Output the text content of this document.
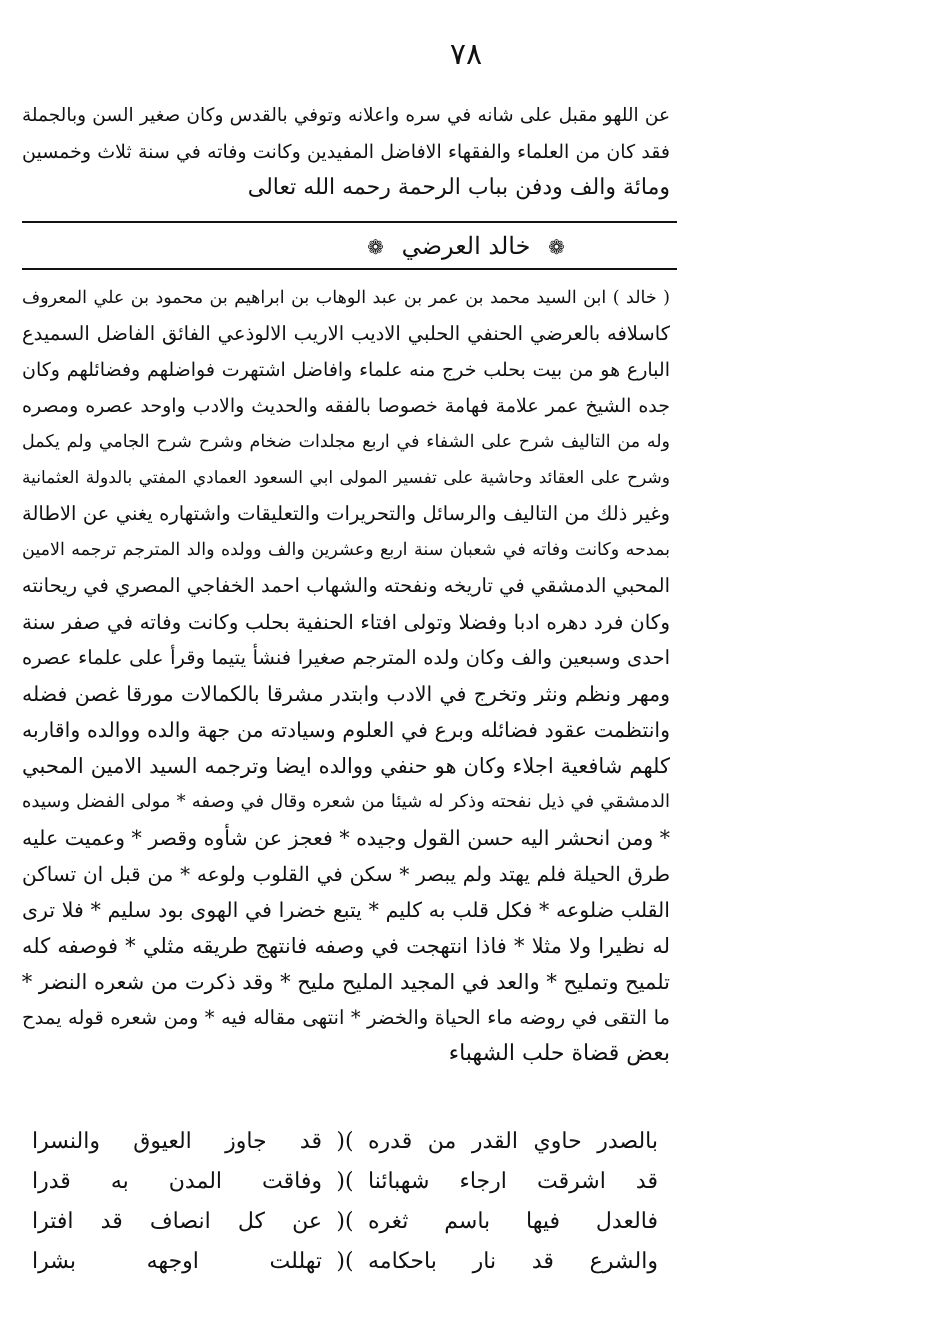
٧٨
عن اللهو مقبل على شانه في سره واعلانه وتوفي بالقدس وكان صغير السن وبالجملة
فقد كان من العلماء والفقهاء الافاضل المفيدين وكانت وفاته في سنة ثلاث وخمسين
ومائة والف ودفن بباب الرحمة رحمه الله تعالى
❁ خالد العرضي ❁
( خالد ) ابن السيد محمد بن عمر بن عبد الوهاب بن ابراهيم بن محمود بن علي المعروف
كاسلافه بالعرضي الحنفي الحلبي الاديب الاريب الالوذعي الفائق الفاضل السميدع
البارع هو من بيت بحلب خرج منه علماء وافاضل اشتهرت فواضلهم وفضائلهم وكان
جده الشيخ عمر علامة فهامة خصوصا بالفقه والحديث والادب واوحد عصره ومصره
وله من التاليف شرح على الشفاء في اربع مجلدات ضخام وشرح شرح الجامي ولم يكمل
وشرح على العقائد وحاشية على تفسير المولى ابي السعود العمادي المفتي بالدولة العثمانية
وغير ذلك من التاليف والرسائل والتحريرات والتعليقات واشتهاره يغني عن الاطالة
بمدحه وكانت وفاته في شعبان سنة اربع وعشرين والف وولده والد المترجم ترجمه الامين
المحبي الدمشقي في تاريخه ونفحته والشهاب احمد الخفاجي المصري في ريحانته
وكان فرد دهره ادبا وفضلا وتولى افتاء الحنفية بحلب وكانت وفاته في صفر سنة
احدى وسبعين والف وكان ولده المترجم صغيرا فنشأ يتيما وقرأ على علماء عصره
ومهر ونظم ونثر وتخرج في الادب وابتدر مشرقا بالكمالات مورقا غصن فضله
وانتظمت عقود فضائله وبرع في العلوم وسيادته من جهة والده ووالده واقاربه
كلهم شافعية اجلاء وكان هو حنفي ووالده ايضا وترجمه السيد الامين المحبي
الدمشقي في ذيل نفحته وذكر له شيئا من شعره وقال في وصفه * مولى الفضل وسيده
* ومن انحشر اليه حسن القول وجيده * فعجز عن شأوه وقصر * وعميت عليه
طرق الحيلة فلم يهتد ولم يبصر * سكن في القلوب ولوعه * من قبل ان تساكن
القلب ضلوعه * فكل قلب به كليم * يتبع خضرا في الهوى بود سليم * فلا ترى
له نظيرا ولا مثلا * فاذا انتهجت في وصفه فانتهج طريقه مثلي * فوصفه كله
تلميح وتمليح * والعد في المجيد المليح مليح * وقد ذكرت من شعره النضر *
ما التقى في روضه ماء الحياة والخضر * انتهى مقاله فيه * ومن شعره قوله يمدح
بعض قضاة حلب الشهباء
بالصدر حاوي القدر من قدره
)(
قد جاوز العيوق والنسرا
قد اشرقت ارجاء شهبائنا
)(
وفاقت المدن به قدرا
فالعدل فيها باسم ثغره
)(
عن كل انصاف قد افترا
والشرع قد نار باحكامه
)(
تهللت اوجهه بشرا
